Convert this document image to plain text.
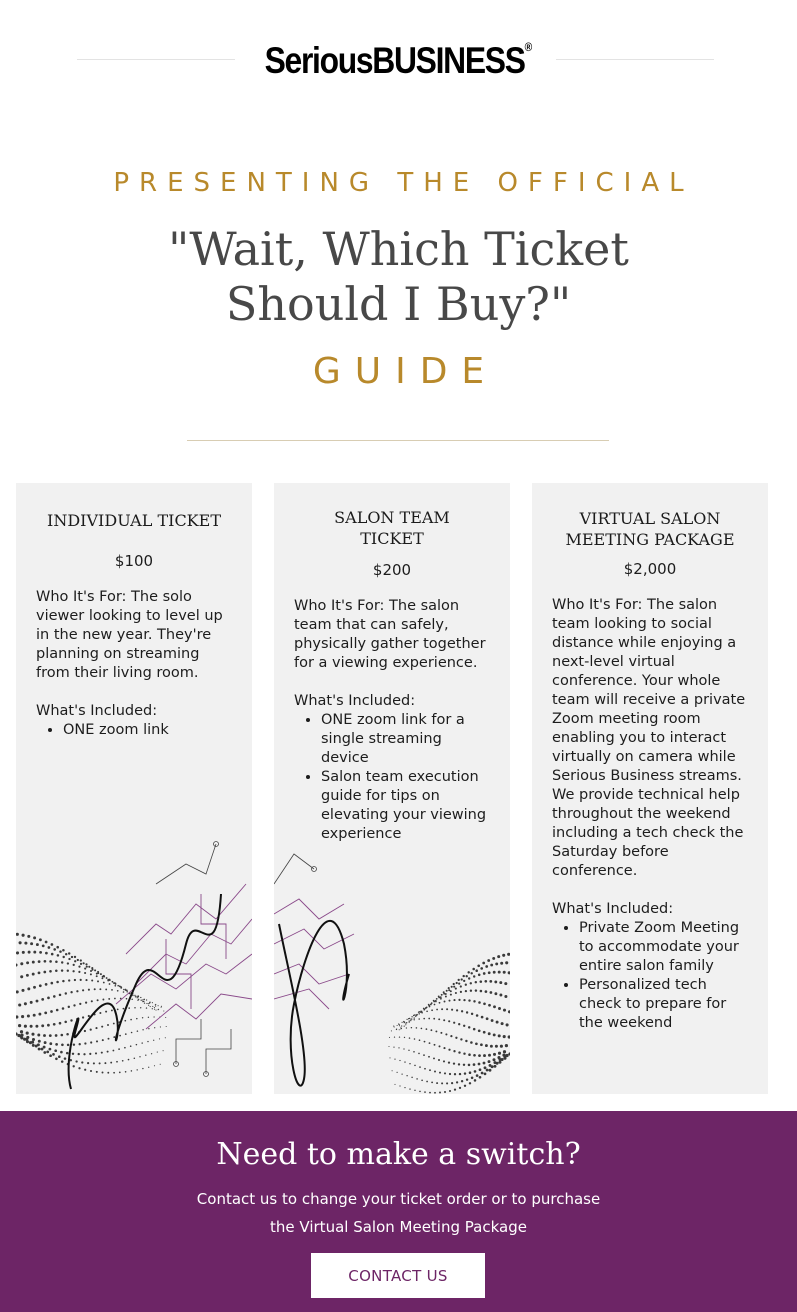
SeriousBUSINESS®
PRESENTING THE OFFICIAL
"Wait, Which Ticket
Should I Buy?"
GUIDE
INDIVIDUAL TICKET

$100

Who It's For: The solo viewer looking to level up in the new year. They're planning on streaming from their living room.

What's Included:

• ONE zoom link
SALON TEAM
TICKET

$200

Who It's For: The salon team that can safely, physically gather together for a viewing experience.

What's Included:

• ONE zoom link for a single streaming device
• Salon team execution guide for tips on elevating your viewing experience
VIRTUAL SALON
MEETING PACKAGE

$2,000

Who It's For: The salon team looking to social distance while enjoying a next-level virtual conference. Your whole team will receive a private Zoom meeting room enabling you to interact virtually on camera while Serious Business streams. We provide technical help throughout the weekend including a tech check the Saturday before conference.

What's Included:

• Private Zoom Meeting to accommodate your entire salon family
• Personalized tech check to prepare for the weekend
Need to make a switch?
Contact us to change your ticket order or to purchase
the Virtual Salon Meeting Package
CONTACT US
